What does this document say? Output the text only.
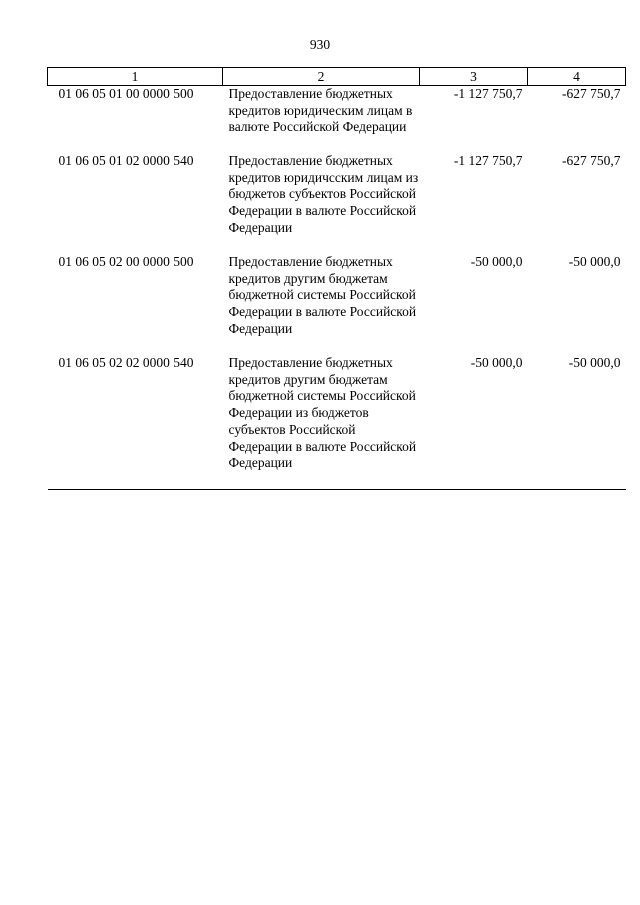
930
1	2	3	4
01 06 05 01 00 0000 500	Предоставление бюджетных кредитов юридическим лицам в валюте Российской Федерации	-1 127 750,7	-627 750,7
01 06 05 01 02 0000 540	Предоставление бюджетных кредитов юридичсским лицам из бюджетов субъектов Российской Федерации в валюте Российской Федерации	-1 127 750,7	-627 750,7
01 06 05 02 00 0000 500	Предоставление бюджетных кредитов другим бюджетам бюджетной системы Российской Федерации в валюте Российской Федерации	-50 000,0	-50 000,0
01 06 05 02 02 0000 540	Предоставление бюджетных кредитов другим бюджетам бюджетной системы Российской Федерации из бюджетов субъектов Российской Федерации в валюте Российской Федерации	-50 000,0	-50 000,0
